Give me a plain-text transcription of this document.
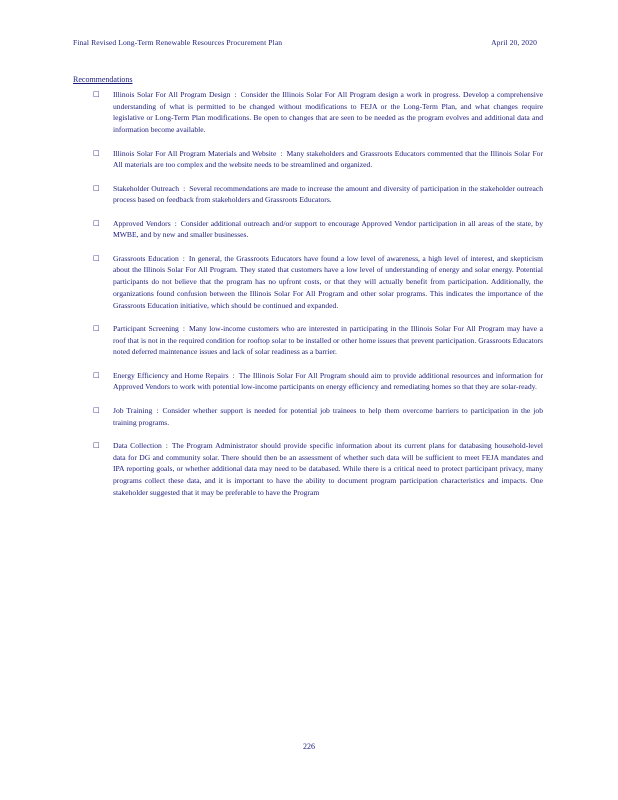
Final Revised Long-Term Renewable Resources Procurement Plan	April 20, 2020
Recommendations
□ Illinois Solar For All Program Design : Consider the Illinois Solar For All Program design a work in progress. Develop a comprehensive understanding of what is permitted to be changed without modifications to FEJA or the Long-Term Plan, and what changes require legislative or Long-Term Plan modifications. Be open to changes that are seen to be needed as the program evolves and additional data and information become available.
□ Illinois Solar For All Program Materials and Website : Many stakeholders and Grassroots Educators commented that the Illinois Solar For All materials are too complex and the website needs to be streamlined and organized.
□ Stakeholder Outreach : Several recommendations are made to increase the amount and diversity of participation in the stakeholder outreach process based on feedback from stakeholders and Grassroots Educators.
□ Approved Vendors : Consider additional outreach and/or support to encourage Approved Vendor participation in all areas of the state, by MWBE, and by new and smaller businesses.
□ Grassroots Education : In general, the Grassroots Educators have found a low level of awareness, a high level of interest, and skepticism about the Illinois Solar For All Program. They stated that customers have a low level of understanding of energy and solar energy. Potential participants do not believe that the program has no upfront costs, or that they will actually benefit from participation. Additionally, the organizations found confusion between the Illinois Solar For All Program and other solar programs. This indicates the importance of the Grassroots Education initiative, which should be continued and expanded.
□ Participant Screening : Many low-income customers who are interested in participating in the Illinois Solar For All Program may have a roof that is not in the required condition for rooftop solar to be installed or other home issues that prevent participation. Grassroots Educators noted deferred maintenance issues and lack of solar readiness as a barrier.
□ Energy Efficiency and Home Repairs : The Illinois Solar For All Program should aim to provide additional resources and information for Approved Vendors to work with potential low-income participants on energy efficiency and remediating homes so that they are solar-ready.
□ Job Training : Consider whether support is needed for potential job trainees to help them overcome barriers to participation in the job training programs.
□ Data Collection : The Program Administrator should provide specific information about its current plans for databasing household-level data for DG and community solar. There should then be an assessment of whether such data will be sufficient to meet FEJA mandates and IPA reporting goals, or whether additional data may need to be databased. While there is a critical need to protect participant privacy, many programs collect these data, and it is important to have the ability to document program participation characteristics and impacts. One stakeholder suggested that it may be preferable to have the Program
226
